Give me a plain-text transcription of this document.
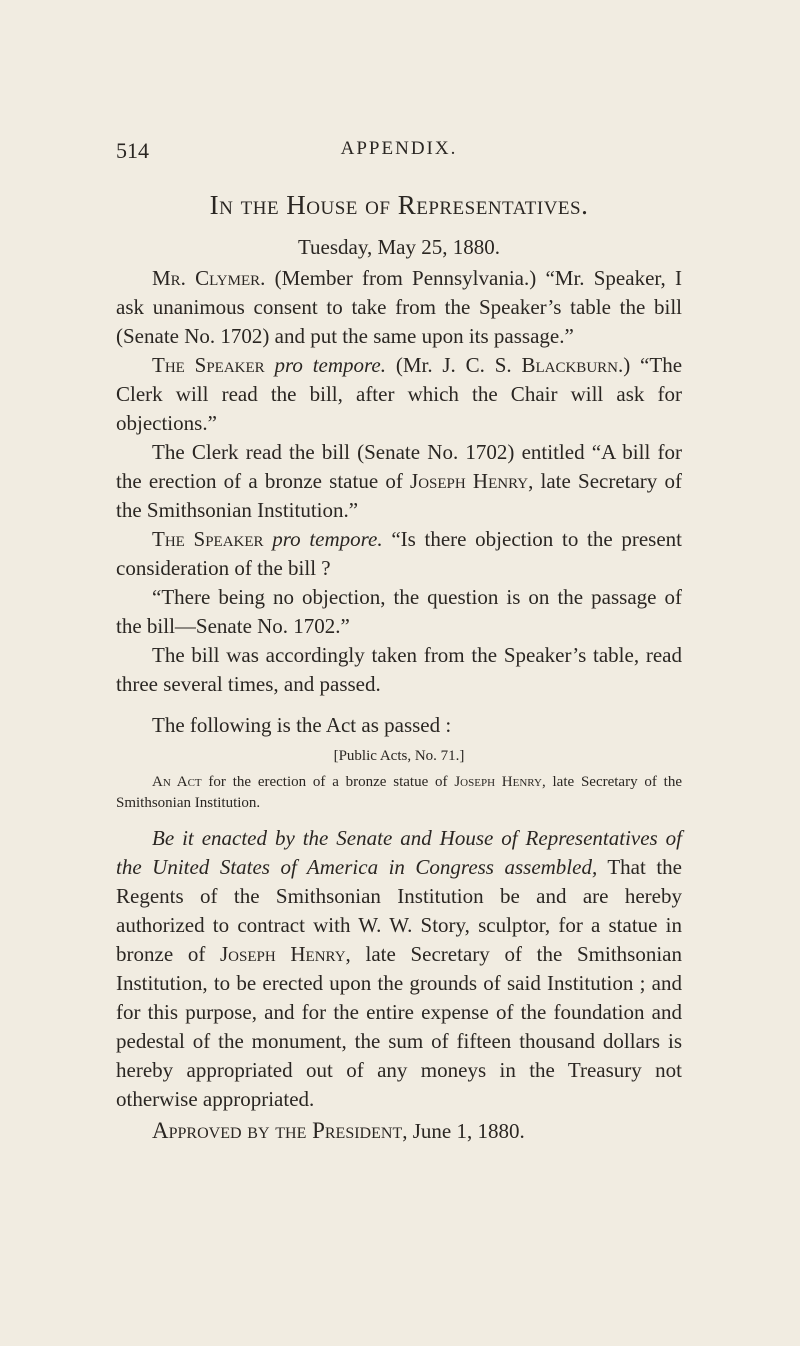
514	APPENDIX.
In the House of Representatives.
Tuesday, May 25, 1880.

Mr. Clymer. (Member from Pennsylvania.) “Mr. Speaker, I ask unanimous consent to take from the Speaker’s table the bill (Senate No. 1702) and put the same upon its passage.”

The Speaker pro tempore. (Mr. J. C. S. Blackburn.) “The Clerk will read the bill, after which the Chair will ask for objections.”

The Clerk read the bill (Senate No. 1702) entitled “A bill for the erection of a bronze statue of Joseph Henry, late Secretary of the Smithsonian Institution.”

The Speaker pro tempore. “Is there objection to the present consideration of the bill ?

“There being no objection, the question is on the passage of the bill—Senate No. 1702.”

The bill was accordingly taken from the Speaker’s table, read three several times, and passed.

The following is the Act as passed :

[Public Acts, No. 71.]
An Act for the erection of a bronze statue of Joseph Henry, late Secretary of the Smithsonian Institution.

Be it enacted by the Senate and House of Representatives of the United States of America in Congress assembled, That the Regents of the Smithsonian Institution be and are hereby authorized to contract with W. W. Story, sculptor, for a statue in bronze of Joseph Henry, late Secretary of the Smithsonian Institution, to be erected upon the grounds of said Institution ; and for this purpose, and for the entire expense of the foundation and pedestal of the monument, the sum of fifteen thousand dollars is hereby appropriated out of any moneys in the Treasury not otherwise appropriated.

Approved by the President, June 1, 1880.
